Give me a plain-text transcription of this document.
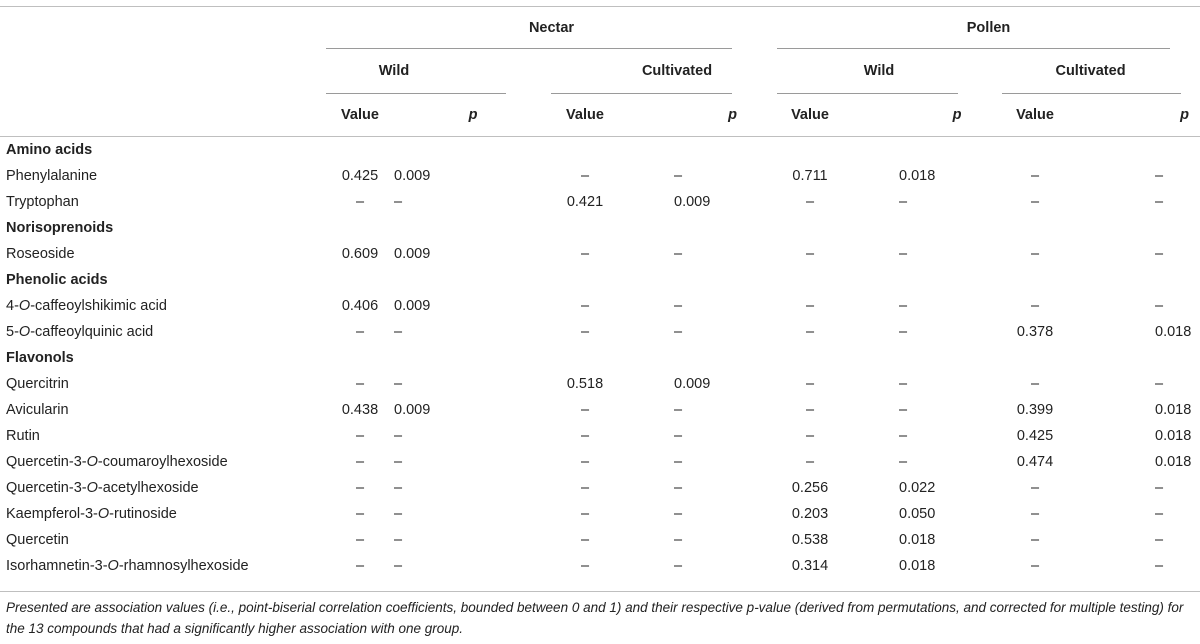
	Nectar				Pollen			
	Wild		Cultivated		Wild		Cultivated	
	Value	p	Value	p	Value	p	Value	p
Amino acids								
Phenylalanine	0.425	0.009	–	–	0.711	0.018	–	–
Tryptophan	–	–	0.421	0.009	–	–	–	–
Norisoprenoids								
Roseoside	0.609	0.009	–	–	–	–	–	–
Phenolic acids								
4-O-caffeoylshikimic acid	0.406	0.009	–	–	–	–	–	–
5-O-caffeoylquinic acid	–	–	–	–	–	–	0.378	0.018
Flavonols								
Quercitrin	–	–	0.518	0.009	–	–	–	–
Avicularin	0.438	0.009	–	–	–	–	0.399	0.018
Rutin	–	–	–	–	–	–	0.425	0.018
Quercetin-3-O-coumaroylhexoside	–	–	–	–	–	–	0.474	0.018
Quercetin-3-O-acetylhexoside	–	–	–	–	0.256	0.022	–	–
Kaempferol-3-O-rutinoside	–	–	–	–	0.203	0.050	–	–
Quercetin	–	–	–	–	0.538	0.018	–	–
Isorhamnetin-3-O-rhamnosylhexoside	–	–	–	–	0.314	0.018	–	–
Presented are association values (i.e., point-biserial correlation coefficients, bounded between 0 and 1) and their respective p-value (derived from permutations, and corrected for multiple testing) for the 13 compounds that had a significantly higher association with one group.
